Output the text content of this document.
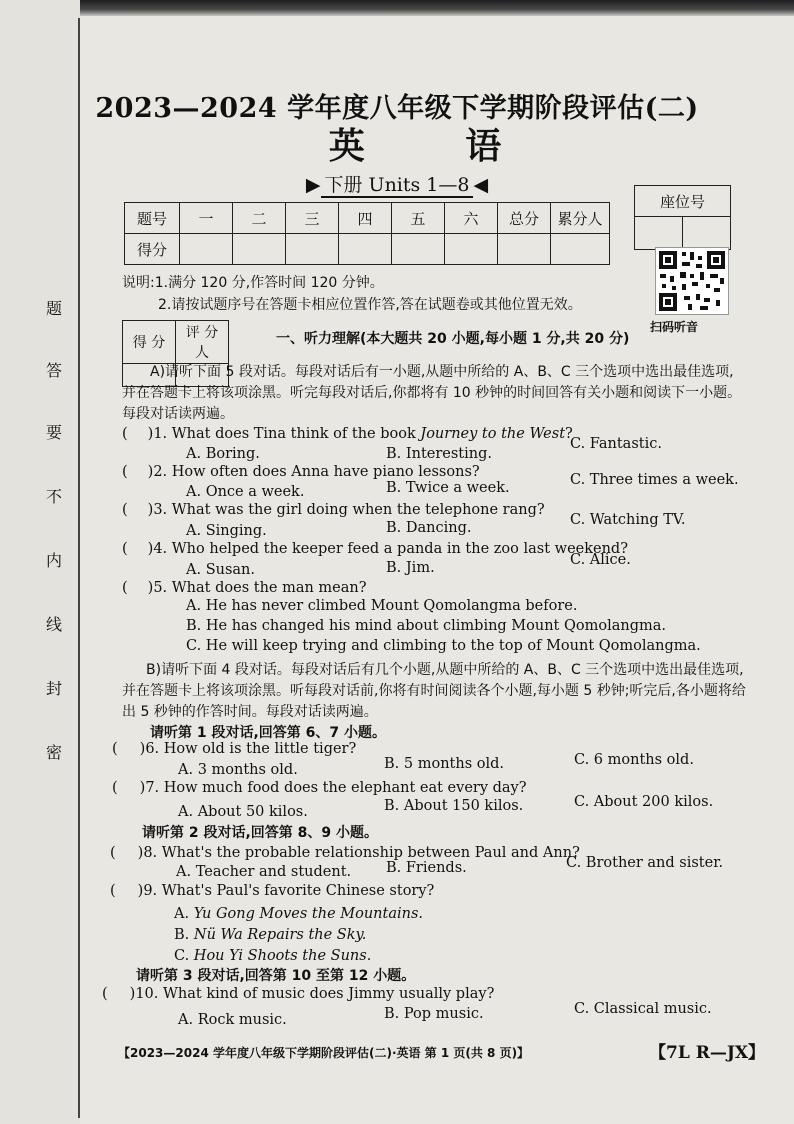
题
答
要
不
内
线
封
密
2023—2024 学年度八年级下学期阶段评估(二)
英 语
▶ 下册 Units 1—8 ◀
题号	一	二	三	四	五	六	总分	累分人
得分								
座位号

扫码听音
说明:1.满分 120 分,作答时间 120 分钟。
2.请按试题序号在答题卡相应位置作答,答在试题卷或其他位置无效。
得 分	评 分 人

一、听力理解(本大题共 20 小题,每小题 1 分,共 20 分)
A)请听下面 5 段对话。每段对话后有一小题,从题中所给的 A、B、C 三个选项中选出最佳选项,并在答题卡上将该项涂黑。听完每段对话后,你都将有 10 秒钟的时间回答有关小题和阅读下一小题。每段对话读两遍。
( )1. What does Tina think of the book Journey to the West?
A. Boring.	B. Interesting.
C. Fantastic.
( )2. How often does Anna have piano lessons?
A. Once a week.	B. Twice a week.	C. Three times a week.
( )3. What was the girl doing when the telephone rang?
A. Singing.	B. Dancing.	C. Watching TV.
( )4. Who helped the keeper feed a panda in the zoo last weekend?
A. Susan.	B. Jim.	C. Alice.
( )5. What does the man mean?
A. He has never climbed Mount Qomolangma before.
B. He has changed his mind about climbing Mount Qomolangma.
C. He will keep trying and climbing to the top of Mount Qomolangma.
B)请听下面 4 段对话。每段对话后有几个小题,从题中所给的 A、B、C 三个选项中选出最佳选项,并在答题卡上将该项涂黑。听每段对话前,你将有时间阅读各个小题,每小题 5 秒钟;听完后,各小题将给出 5 秒钟的作答时间。每段对话读两遍。
请听第 1 段对话,回答第 6、7 小题。
( )6. How old is the little tiger?
A. 3 months old.	B. 5 months old.	C. 6 months old.
( )7. How much food does the elephant eat every day?
A. About 50 kilos.	B. About 150 kilos.	C. About 200 kilos.
请听第 2 段对话,回答第 8、9 小题。
( )8. What's the probable relationship between Paul and Ann?
A. Teacher and student. B. Friends.	C. Brother and sister.
( )9. What's Paul's favorite Chinese story?
A. Yu Gong Moves the Mountains.
B. Nü Wa Repairs the Sky.
C. Hou Yi Shoots the Suns.
请听第 3 段对话,回答第 10 至第 12 小题。
( )10. What kind of music does Jimmy usually play?
A. Rock music.	B. Pop music.	C. Classical music.
【2023—2024 学年度八年级下学期阶段评估(二)·英语 第 1 页(共 8 页)】	【7L R—JX】
